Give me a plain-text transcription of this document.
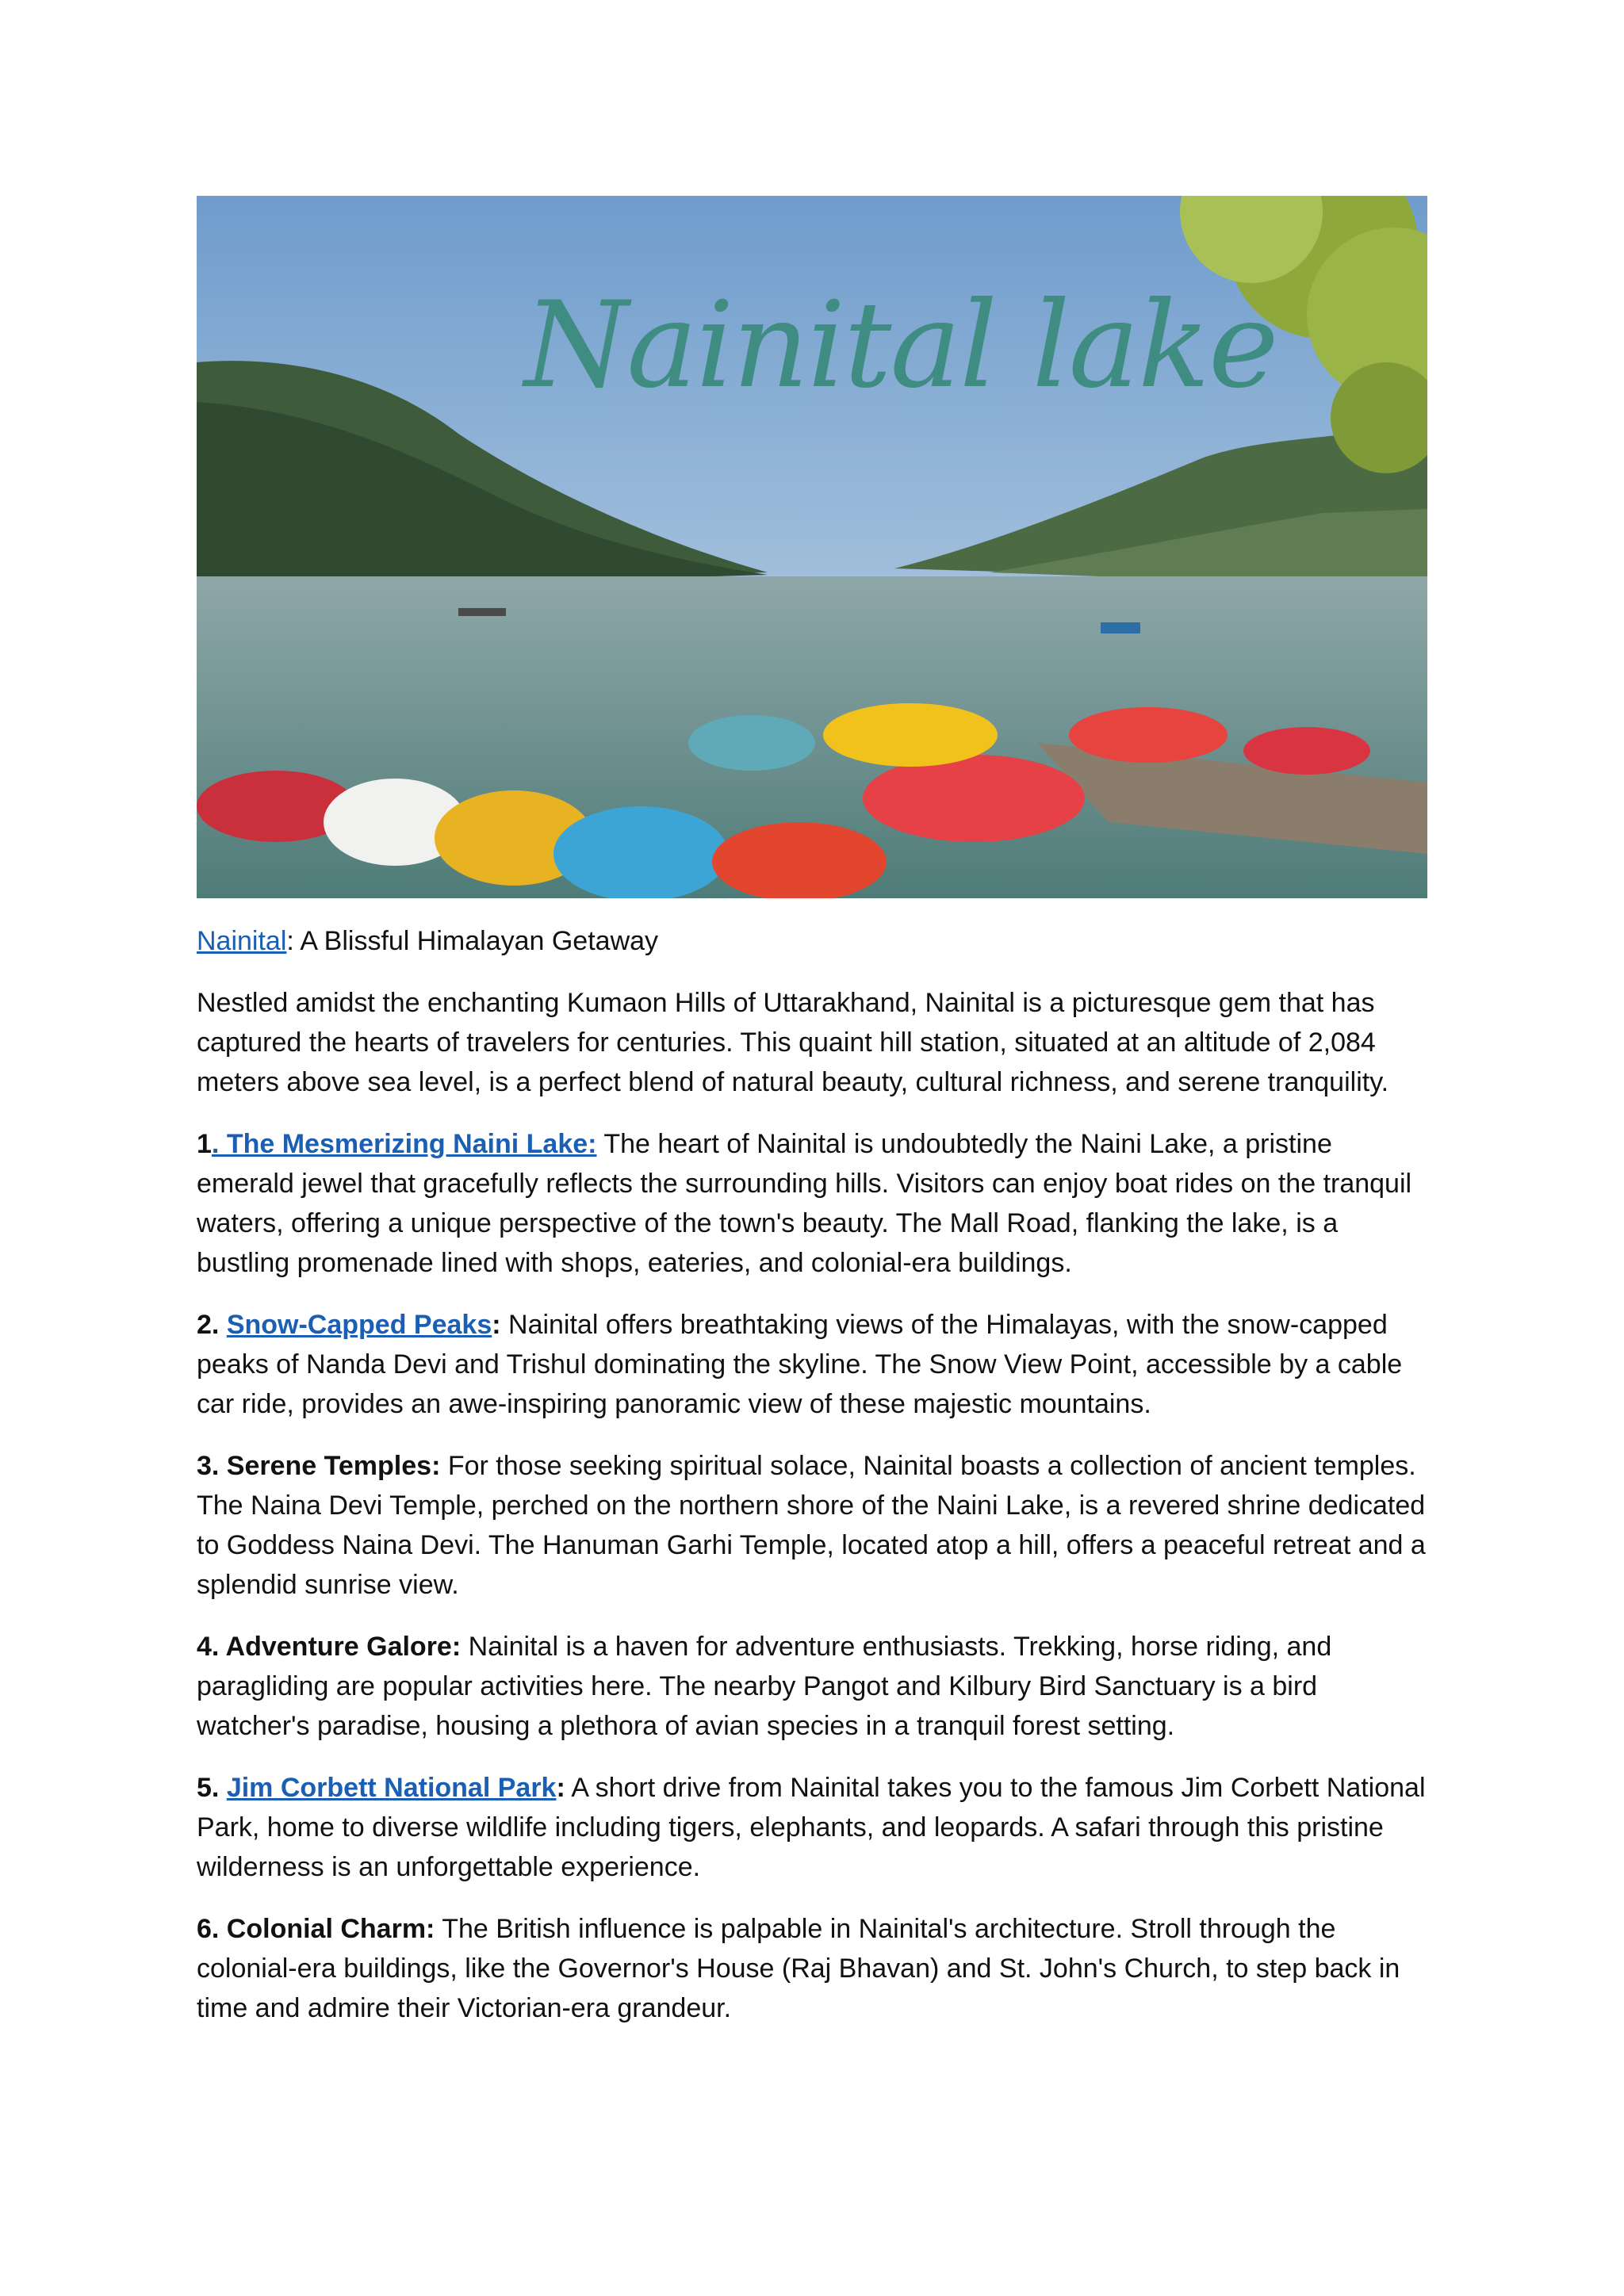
Nainital lake

Nainital: A Blissful Himalayan Getaway

Nestled amidst the enchanting Kumaon Hills of Uttarakhand, Nainital is a picturesque gem that has captured the hearts of travelers for centuries. This quaint hill station, situated at an altitude of 2,084 meters above sea level, is a perfect blend of natural beauty, cultural richness, and serene tranquility.

1. The Mesmerizing Naini Lake: The heart of Nainital is undoubtedly the Naini Lake, a pristine emerald jewel that gracefully reflects the surrounding hills. Visitors can enjoy boat rides on the tranquil waters, offering a unique perspective of the town's beauty. The Mall Road, flanking the lake, is a bustling promenade lined with shops, eateries, and colonial-era buildings.

2. Snow-Capped Peaks: Nainital offers breathtaking views of the Himalayas, with the snow-capped peaks of Nanda Devi and Trishul dominating the skyline. The Snow View Point, accessible by a cable car ride, provides an awe-inspiring panoramic view of these majestic mountains.

3. Serene Temples: For those seeking spiritual solace, Nainital boasts a collection of ancient temples. The Naina Devi Temple, perched on the northern shore of the Naini Lake, is a revered shrine dedicated to Goddess Naina Devi. The Hanuman Garhi Temple, located atop a hill, offers a peaceful retreat and a splendid sunrise view.

4. Adventure Galore: Nainital is a haven for adventure enthusiasts. Trekking, horse riding, and paragliding are popular activities here. The nearby Pangot and Kilbury Bird Sanctuary is a bird watcher's paradise, housing a plethora of avian species in a tranquil forest setting.

5. Jim Corbett National Park: A short drive from Nainital takes you to the famous Jim Corbett National Park, home to diverse wildlife including tigers, elephants, and leopards. A safari through this pristine wilderness is an unforgettable experience.

6. Colonial Charm: The British influence is palpable in Nainital's architecture. Stroll through the colonial-era buildings, like the Governor's House (Raj Bhavan) and St. John's Church, to step back in time and admire their Victorian-era grandeur.
